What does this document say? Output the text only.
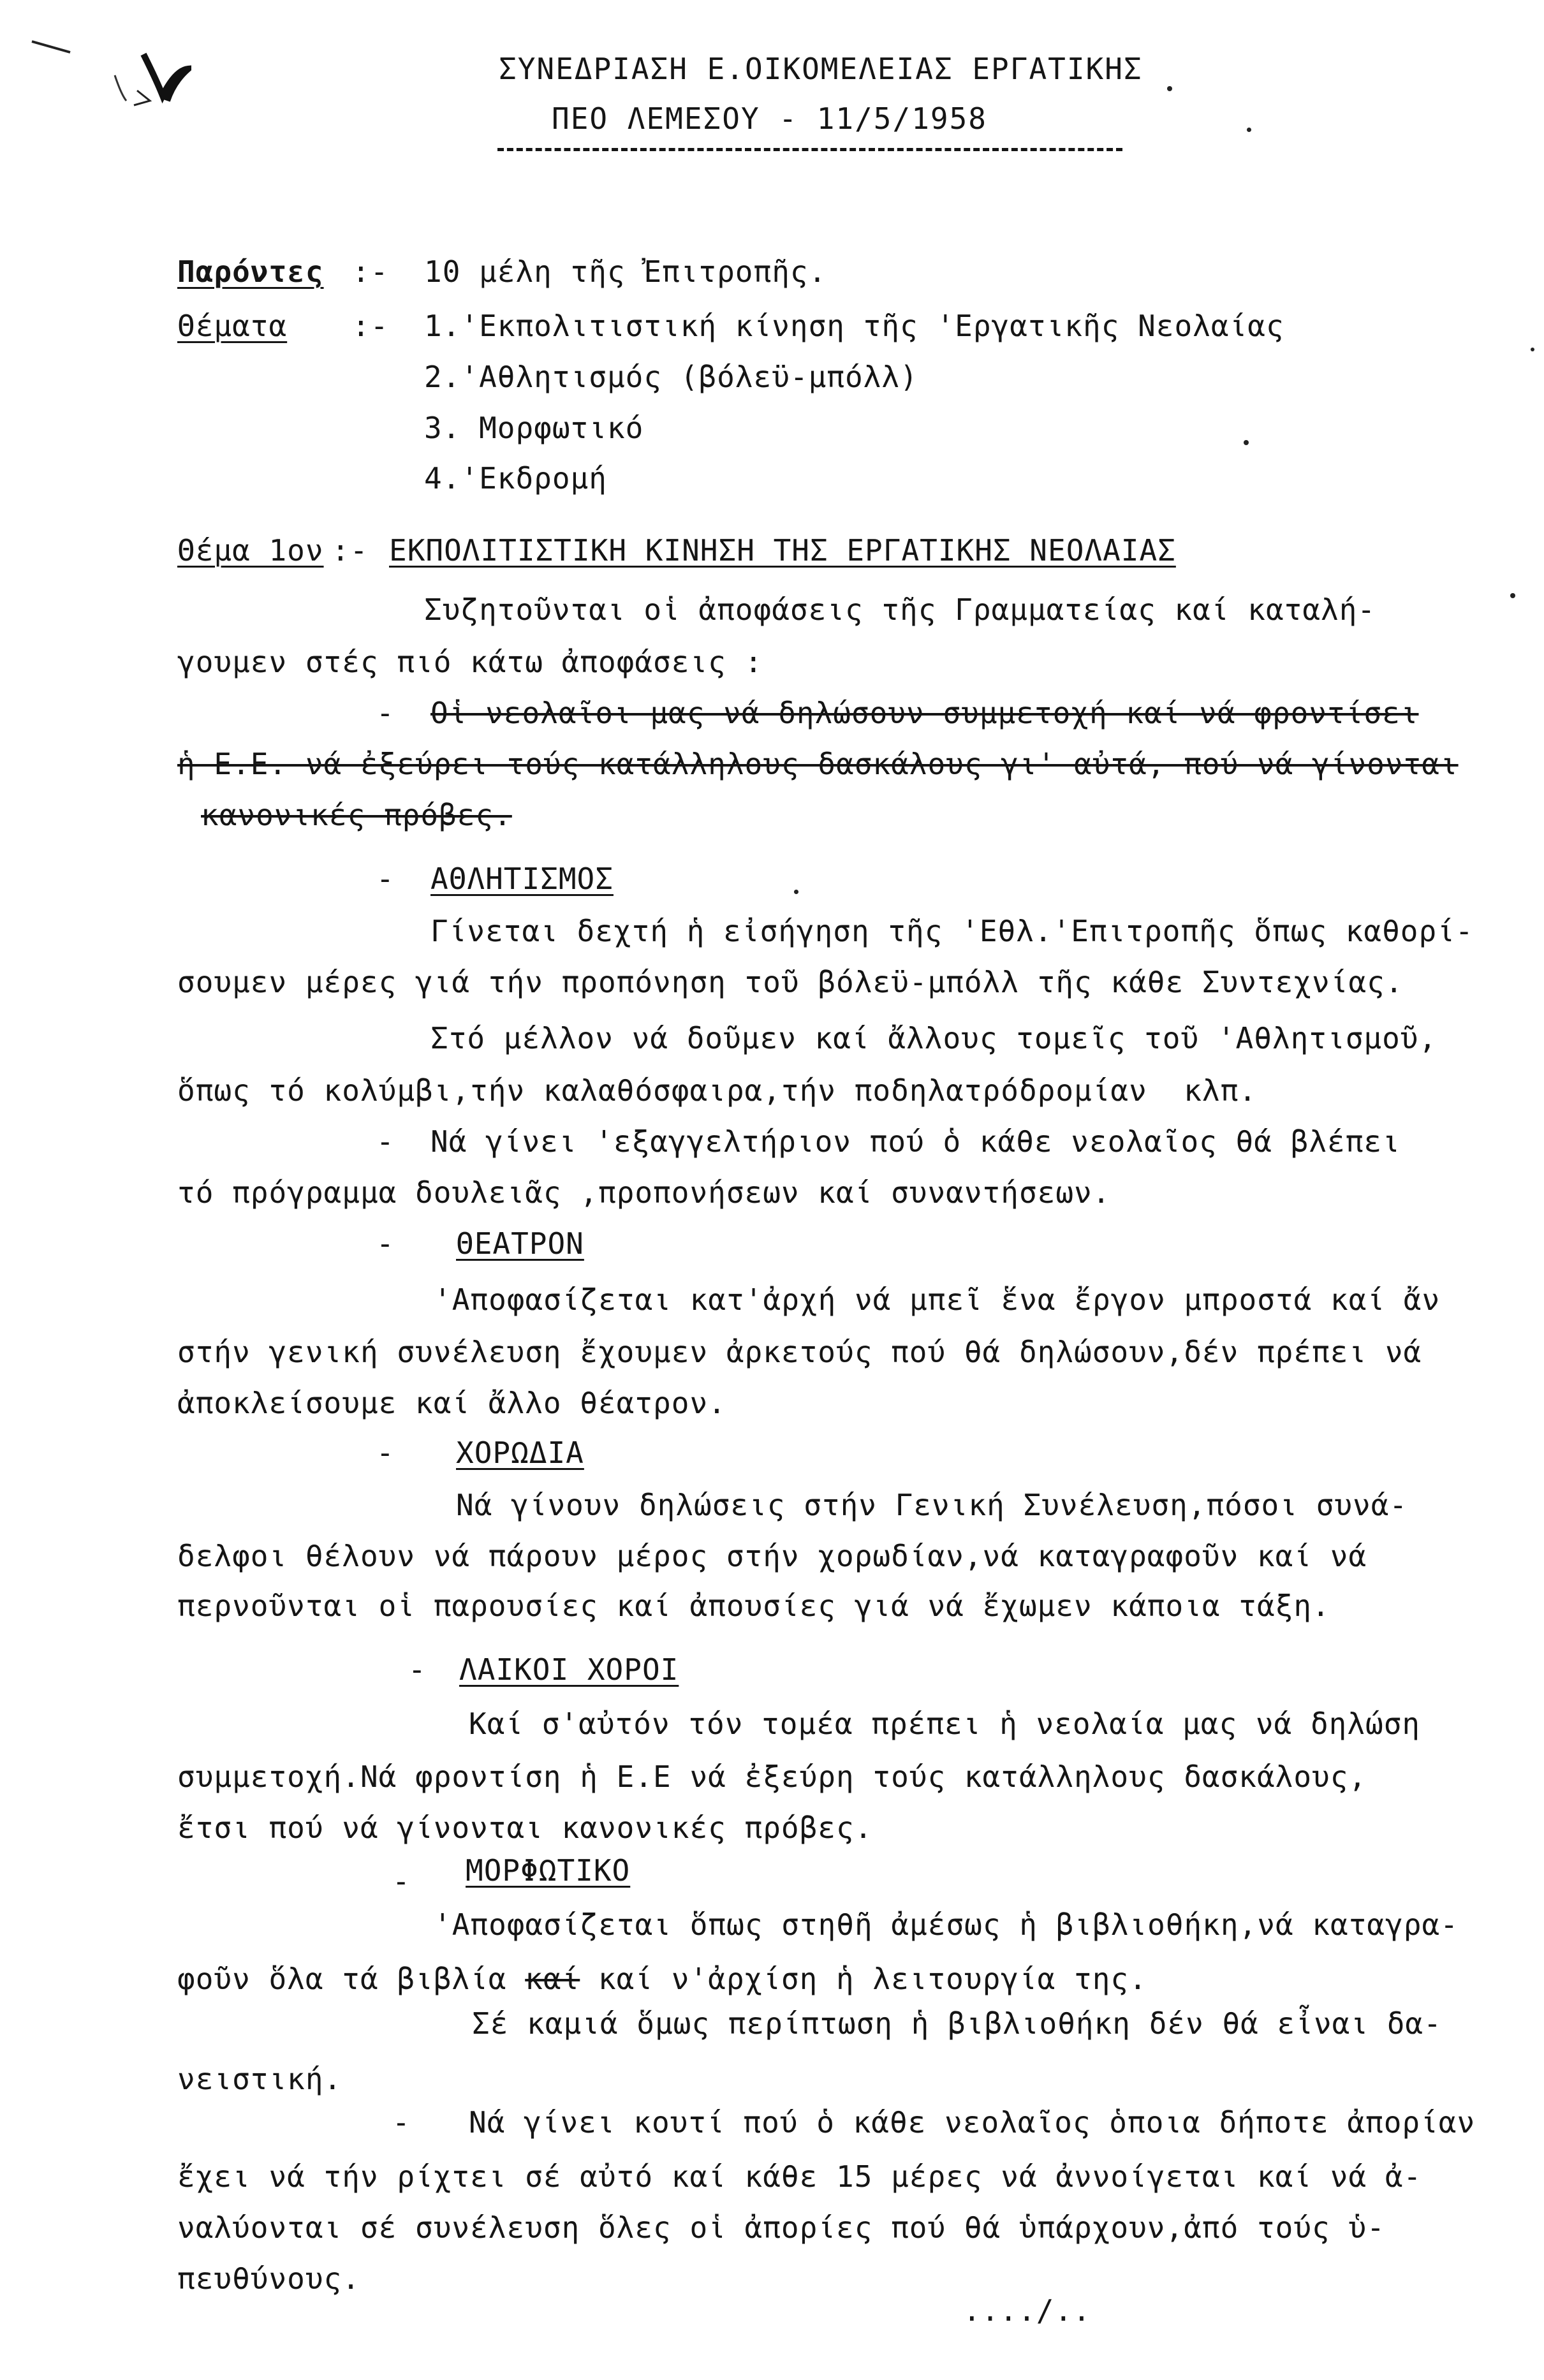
ΣΥΝΕΔΡΙΑΣΗ Ε.ΟΙΚΟΜΕΛΕΙΑΣ ΕΡΓΑΤΙΚΗΣ
ΠΕΟ ΛΕΜΕΣΟΥ - 11/5/1958
Παρόντες :- 10 μέλη τῆς Ἐπιτροπῆς.
Θέματα :- 1.'Εκπολιτιστική κίνηση τῆς 'Εργατικῆς Νεολαίας
2.'Αθλητισμός (βόλεϋ-μπόλλ)
3. Μορφωτικό
4.'Εκδρομή
Θέμα 1ον :- ΕΚΠΟΛΙΤΙΣΤΙΚΗ ΚΙΝΗΣΗ ΤΗΣ ΕΡΓΑΤΙΚΗΣ ΝΕΟΛΑΙΑΣ
Συζητοῦνται οἱ ἀποφάσεις τῆς Γραμματείας καί καταλή-
γουμεν στές πιό κάτω ἀποφάσεις :
- Οἱ νεολαῖοι μας νά δηλώσουν συμμετοχή καί νά φροντίσει
ἡ Ε.Ε. νά ἐξεύρει τούς κατάλληλους δασκάλους γι' αὐτά, πού νά γίνονται
κανονικές πρόβες.
- ΑΘΛΗΤΙΣΜΟΣ
Γίνεται δεχτή ἡ εἰσήγηση τῆς 'Εθλ.'Επιτροπῆς ὅπως καθορί-
σουμεν μέρες γιά τήν προπόνηση τοῦ βόλεϋ-μπόλλ τῆς κάθε Συντεχνίας.
Στό μέλλον νά δοῦμεν καί ἄλλους τομεῖς τοῦ 'Αθλητισμοῦ,
ὅπως τό κολύμβι,τήν καλαθόσφαιρα,τήν ποδηλατρόδρομίαν  κλπ.
- Νά γίνει 'εξαγγελτήριον πού ὁ κάθε νεολαῖος θά βλέπει
τό πρόγραμμα δουλειᾶς ,προπονήσεων καί συναντήσεων.
- ΘΕΑΤΡΟΝ
'Αποφασίζεται κατ'ἀρχή νά μπεῖ ἕνα ἔργον μπροστά καί ἄν
στήν γενική συνέλευση ἔχουμεν ἀρκετούς πού θά δηλώσουν,δέν πρέπει νά
ἀποκλείσουμε καί ἄλλο θέατρον.
- ΧΟΡΩΔΙΑ
Νά γίνουν δηλώσεις στήν Γενική Συνέλευση,πόσοι συνά-
δελφοι θέλουν νά πάρουν μέρος στήν χορωδίαν,νά καταγραφοῦν καί νά
περνοῦνται οἱ παρουσίες καί ἀπουσίες γιά νά ἔχωμεν κάποια τάξη.
- ΛΑΙΚΟΙ ΧΟΡΟΙ
Καί σ'αὐτόν τόν τομέα πρέπει ἡ νεολαία μας νά δηλώση
συμμετοχή.Νά φροντίση ἡ Ε.Ε νά ἐξεύρη τούς κατάλληλους δασκάλους,
ἔτσι πού νά γίνονται κανονικές πρόβες.
- ΜΟΡΦΩΤΙΚΟ
'Αποφασίζεται ὅπως στηθῆ ἀμέσως ἡ βιβλιοθήκη,νά καταγρα-
φοῦν ὅλα τά βιβλία καί καί ν'ἀρχίση ἡ λειτουργία της.
Σέ καμιά ὅμως περίπτωση ἡ βιβλιοθήκη δέν θά εἶναι δα-
νειστική.
- Νά γίνει κουτί πού ὁ κάθε νεολαῖος ὁποια δήποτε ἀπορίαν
ἔχει νά τήν ρίχτει σέ αὐτό καί κάθε 15 μέρες νά ἀννοίγεται καί νά ἀ-
ναλύονται σέ συνέλευση ὅλες οἱ ἀπορίες πού θά ὑπάρχουν,ἀπό τούς ὑ-
πευθύνους.
..../..
